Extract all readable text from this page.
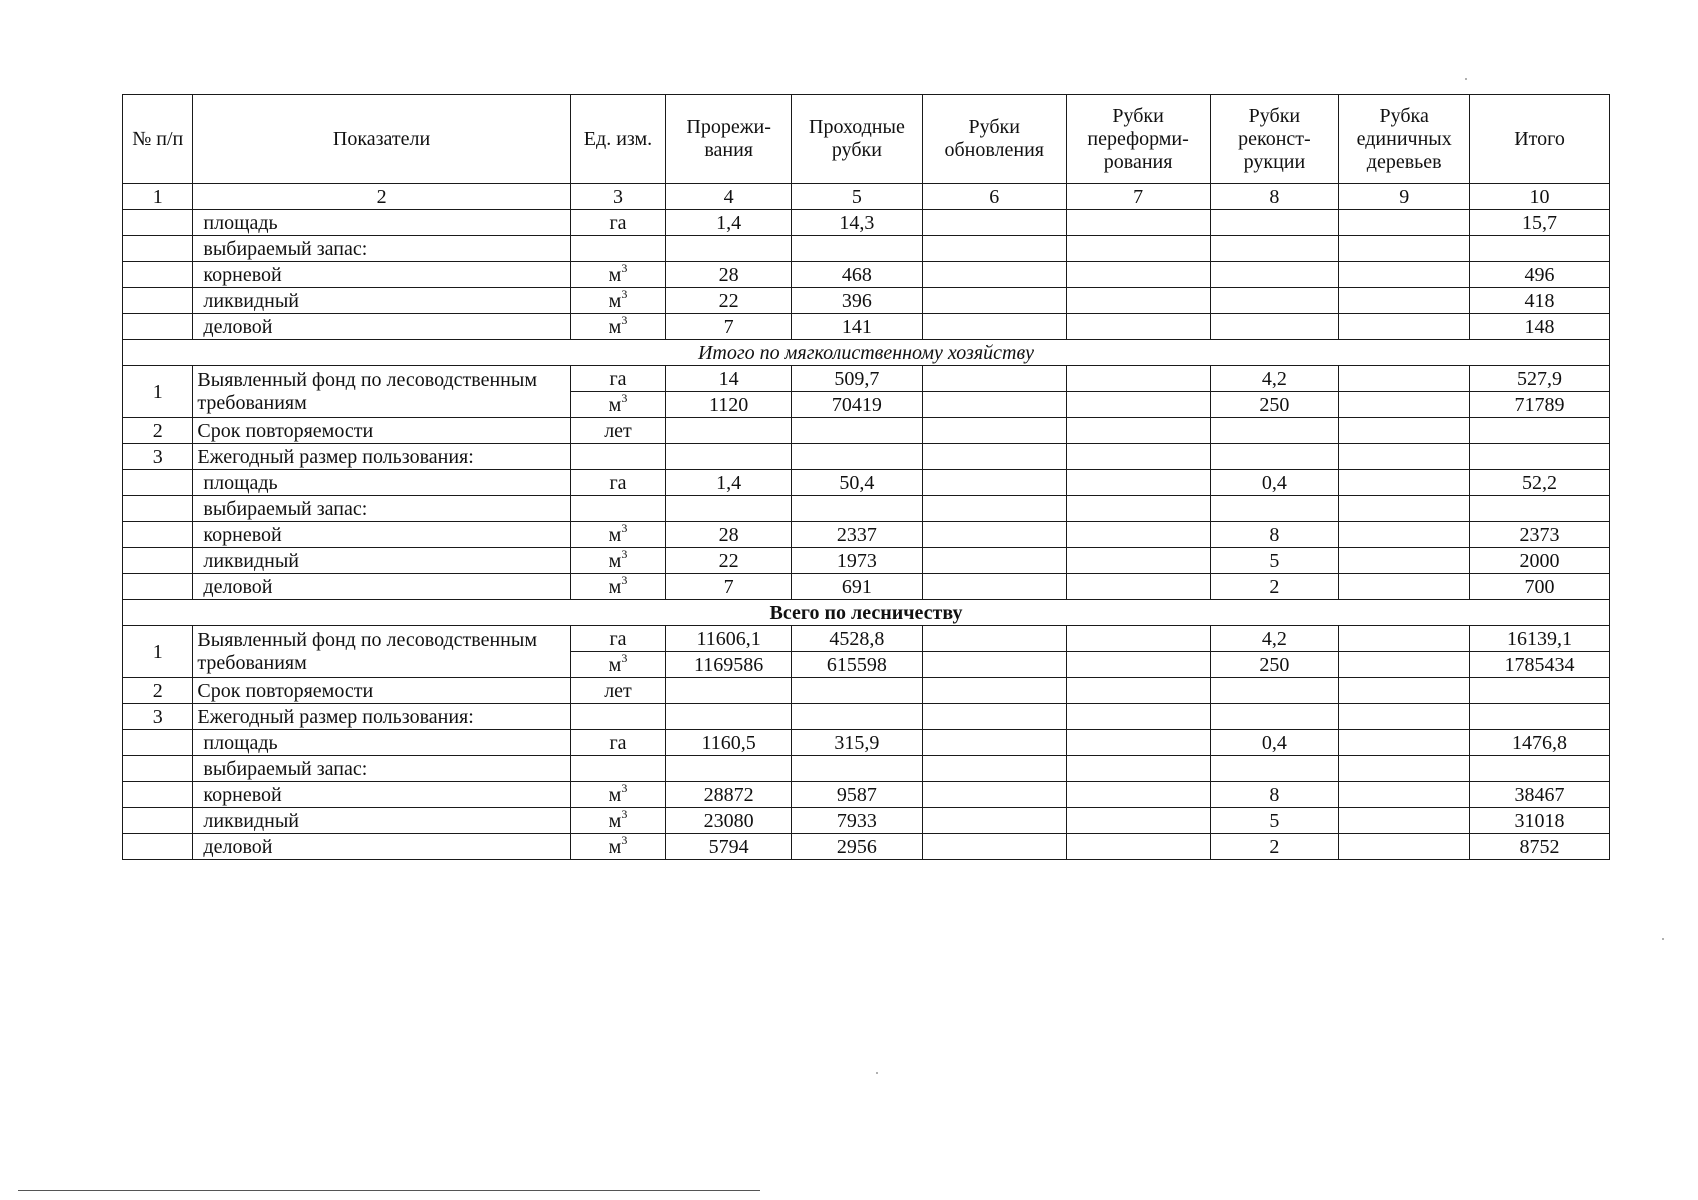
№ п/п	Показатели	Ед. изм.	Прорежи-вания	Проходные рубки	Рубки обновления	Рубки переформи-рования	Рубки реконст-рукции	Рубка единичных деревьев	Итого
1	2	3	4	5	6	7	8	9	10
	площадь	га	1,4	14,3					15,7
	выбираемый запас:								
	корневой	$м^3$	28	468					496
	ликвидный	$м^3$	22	396					418
	деловой	$м^3$	7	141					148
Итого по мягколиственному хозяйству									
1	Выявленный фонд по лесоводственным требованиям	га	14	509,7			4,2		527,9
		$м^3$	1120	70419			250		71789
2	Срок повторяемости	лет							
3	Ежегодный размер пользования:								
	площадь	га	1,4	50,4			0,4		52,2
	выбираемый запас:								
	корневой	$м^3$	28	2337			8		2373
	ликвидный	$м^3$	22	1973			5		2000
	деловой	$м^3$	7	691			2		700
Всего по лесничеству									
1	Выявленный фонд по лесоводственным требованиям	га	11606,1	4528,8			4,2		16139,1
		$м^3$	1169586	615598			250		1785434
2	Срок повторяемости	лет							
3	Ежегодный размер пользования:								
	площадь	га	1160,5	315,9			0,4		1476,8
	выбираемый запас:								
	корневой	$м^3$	28872	9587			8		38467
	ликвидный	$м^3$	23080	7933			5		31018
	деловой	$м^3$	5794	2956			2		8752
